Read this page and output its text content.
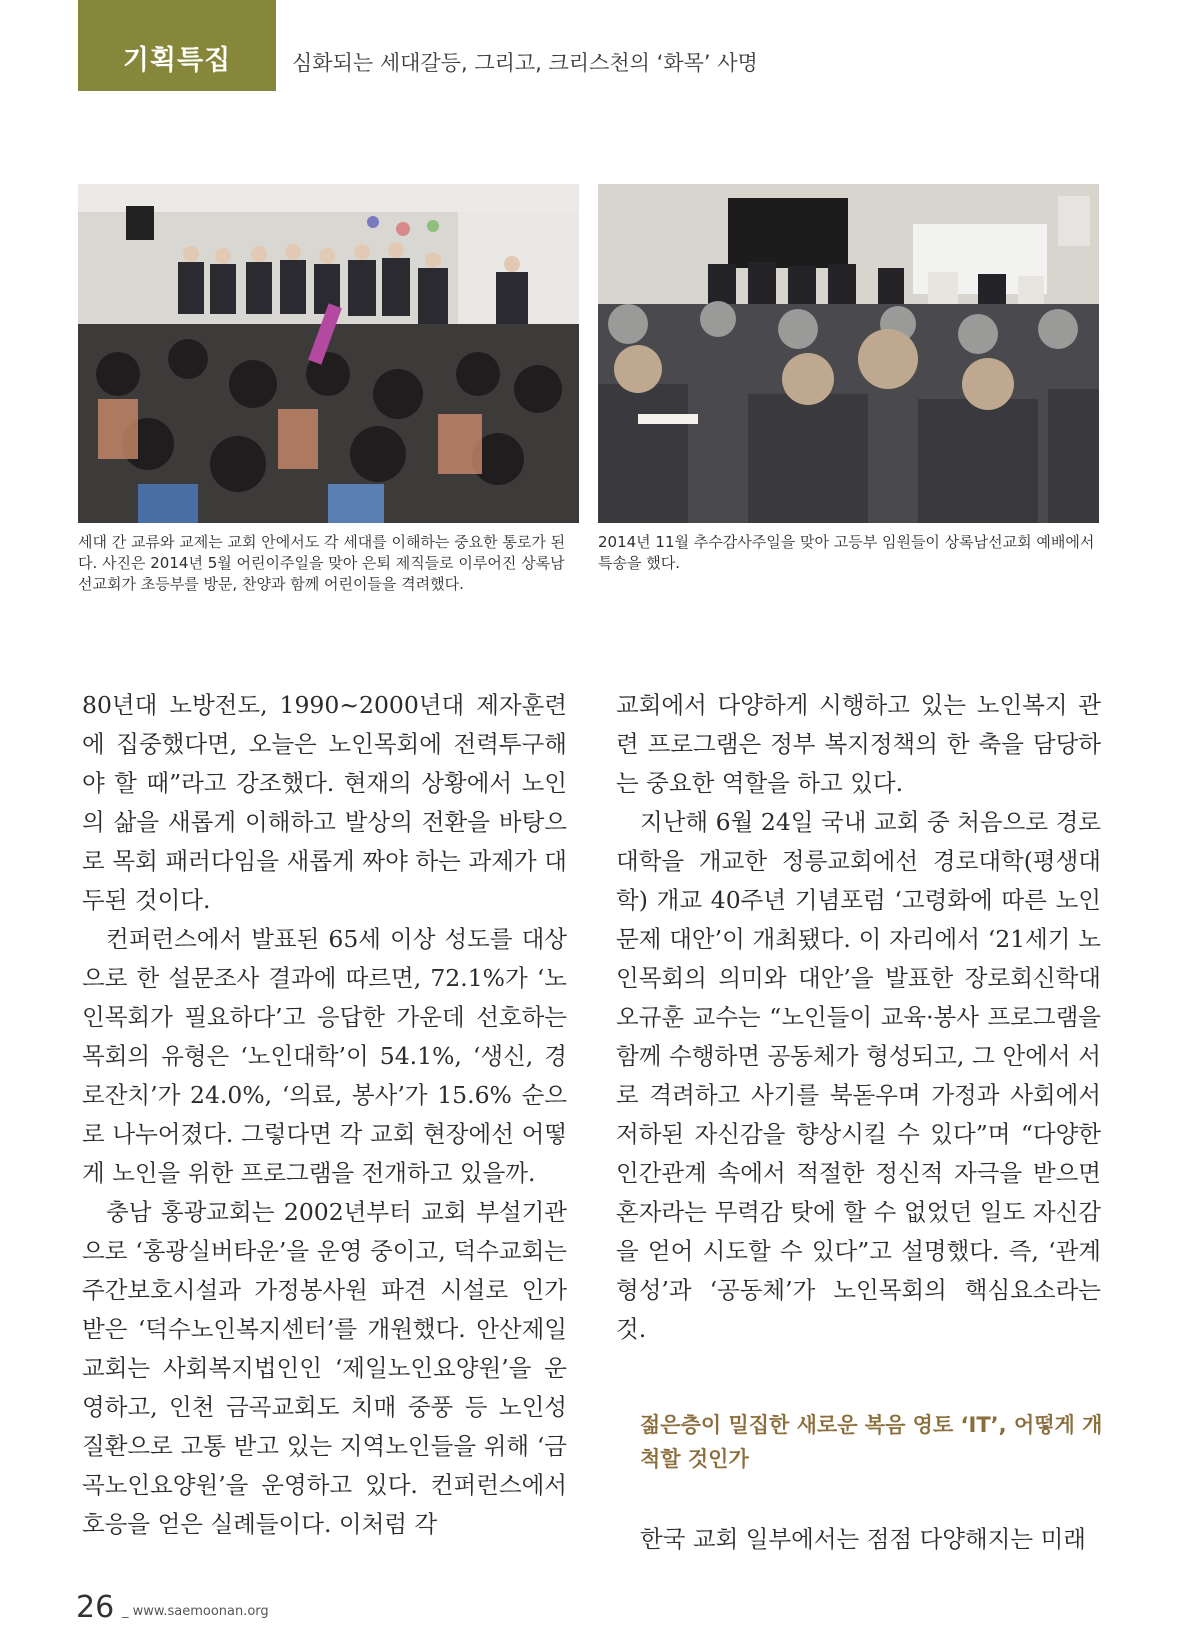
기획특집	심화되는 세대갈등, 그리고, 크리스천의 ‘화목’ 사명
세대 간 교류와 교제는 교회 안에서도 각 세대를 이해하는 중요한 통로가 된다. 사진은 2014년 5월 어린이주일을 맞아 은퇴 제직들로 이루어진 상록남선교회가 초등부를 방문, 찬양과 함께 어린이들을 격려했다.
2014년 11월 추수감사주일을 맞아 고등부 임원들이 상록남선교회 예배에서 특송을 했다.

80년대 노방전도, 1990~2000년대 제자훈련에 집중했다면, 오늘은 노인목회에 전력투구해야 할 때”라고 강조했다. 현재의 상황에서 노인의 삶을 새롭게 이해하고 발상의 전환을 바탕으로 목회 패러다임을 새롭게 짜야 하는 과제가 대두된 것이다.

컨퍼런스에서 발표된 65세 이상 성도를 대상으로 한 설문조사 결과에 따르면, 72.1%가 ‘노인목회가 필요하다’고 응답한 가운데 선호하는 목회의 유형은 ‘노인대학’이 54.1%, ‘생신, 경로잔치’가 24.0%, ‘의료, 봉사’가 15.6% 순으로 나누어졌다. 그렇다면 각 교회 현장에선 어떻게 노인을 위한 프로그램을 전개하고 있을까.

충남 홍광교회는 2002년부터 교회 부설기관으로 ‘홍광실버타운’을 운영 중이고, 덕수교회는 주간보호시설과 가정봉사원 파견 시설로 인가 받은 ‘덕수노인복지센터’를 개원했다. 안산제일교회는 사회복지법인인 ‘제일노인요양원’을 운영하고, 인천 금곡교회도 치매 중풍 등 노인성 질환으로 고통 받고 있는 지역노인들을 위해 ‘금곡노인요양원’을 운영하고 있다. 컨퍼런스에서 호응을 얻은 실례들이다. 이처럼 각

교회에서 다양하게 시행하고 있는 노인복지 관련 프로그램은 정부 복지정책의 한 축을 담당하는 중요한 역할을 하고 있다.

지난해 6월 24일 국내 교회 중 처음으로 경로대학을 개교한 정릉교회에선 경로대학(평생대학) 개교 40주년 기념포럼 ‘고령화에 따른 노인문제 대안’이 개최됐다. 이 자리에서 ‘21세기 노인목회의 의미와 대안’을 발표한 장로회신학대 오규훈 교수는 “노인들이 교육·봉사 프로그램을 함께 수행하면 공동체가 형성되고, 그 안에서 서로 격려하고 사기를 북돋우며 가정과 사회에서 저하된 자신감을 향상시킬 수 있다”며 “다양한 인간관계 속에서 적절한 정신적 자극을 받으면 혼자라는 무력감 탓에 할 수 없었던 일도 자신감을 얻어 시도할 수 있다”고 설명했다. 즉, ‘관계형성’과 ‘공동체’가 노인목회의 핵심요소라는 것.

젊은층이 밀집한 새로운 복음 영토 ‘IT’, 어떻게 개척할 것인가
한국 교회 일부에서는 점점 다양해지는 미래
26 _ www.saemoonan.org
